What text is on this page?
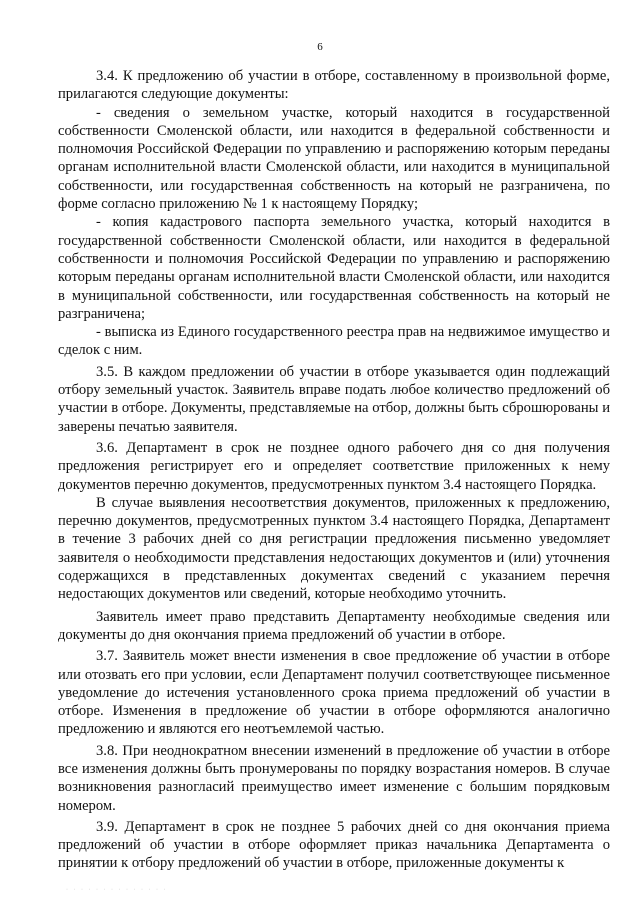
6

3.4. К предложению об участии в отборе, составленному в произвольной форме, прилагаются следующие документы:

- сведения о земельном участке, который находится в государственной собственности Смоленской области, или находится в федеральной собственности и полномочия Российской Федерации по управлению и распоряжению которым переданы органам исполнительной власти Смоленской области, или находится в муниципальной собственности, или государственная собственность на который не разграничена, по форме согласно приложению № 1 к настоящему Порядку;

- копия кадастрового паспорта земельного участка, который находится в государственной собственности Смоленской области, или находится в федеральной собственности и полномочия Российской Федерации по управлению и распоряжению которым переданы органам исполнительной власти Смоленской области, или находится в муниципальной собственности, или государственная собственность на который не разграничена;

- выписка из Единого государственного реестра прав на недвижимое имущество и сделок с ним.

3.5. В каждом предложении об участии в отборе указывается один подлежащий отбору земельный участок. Заявитель вправе подать любое количество предложений об участии в отборе. Документы, представляемые на отбор, должны быть сброшюрованы и заверены печатью заявителя.

3.6. Департамент в срок не позднее одного рабочего дня со дня получения предложения регистрирует его и определяет соответствие приложенных к нему документов перечню документов, предусмотренных пунктом 3.4 настоящего Порядка.

В случае выявления несоответствия документов, приложенных к предложению, перечню документов, предусмотренных пунктом 3.4 настоящего Порядка, Департамент в течение 3 рабочих дней со дня регистрации предложения письменно уведомляет заявителя о необходимости представления недостающих документов и (или) уточнения содержащихся в представленных документах сведений с указанием перечня недостающих документов или сведений, которые необходимо уточнить.

Заявитель имеет право представить Департаменту необходимые сведения или документы до дня окончания приема предложений об участии в отборе.

3.7. Заявитель может внести изменения в свое предложение об участии в отборе или отозвать его при условии, если Департамент получил соответствующее письменное уведомление до истечения установленного срока приема предложений об участии в отборе. Изменения в предложение об участии в отборе оформляются аналогично предложению и являются его неотъемлемой частью.

3.8. При неоднократном внесении изменений в предложение об участии в отборе все изменения должны быть пронумерованы по порядку возрастания номеров. В случае возникновения разногласий преимущество имеет изменение с большим порядковым номером.

3.9. Департамент в срок не позднее 5 рабочих дней со дня окончания приема предложений об участии в отборе оформляет приказ начальника Департамента о принятии к отбору предложений об участии в отборе, приложенные документы к

· · · · · · · · · · · · · ·
